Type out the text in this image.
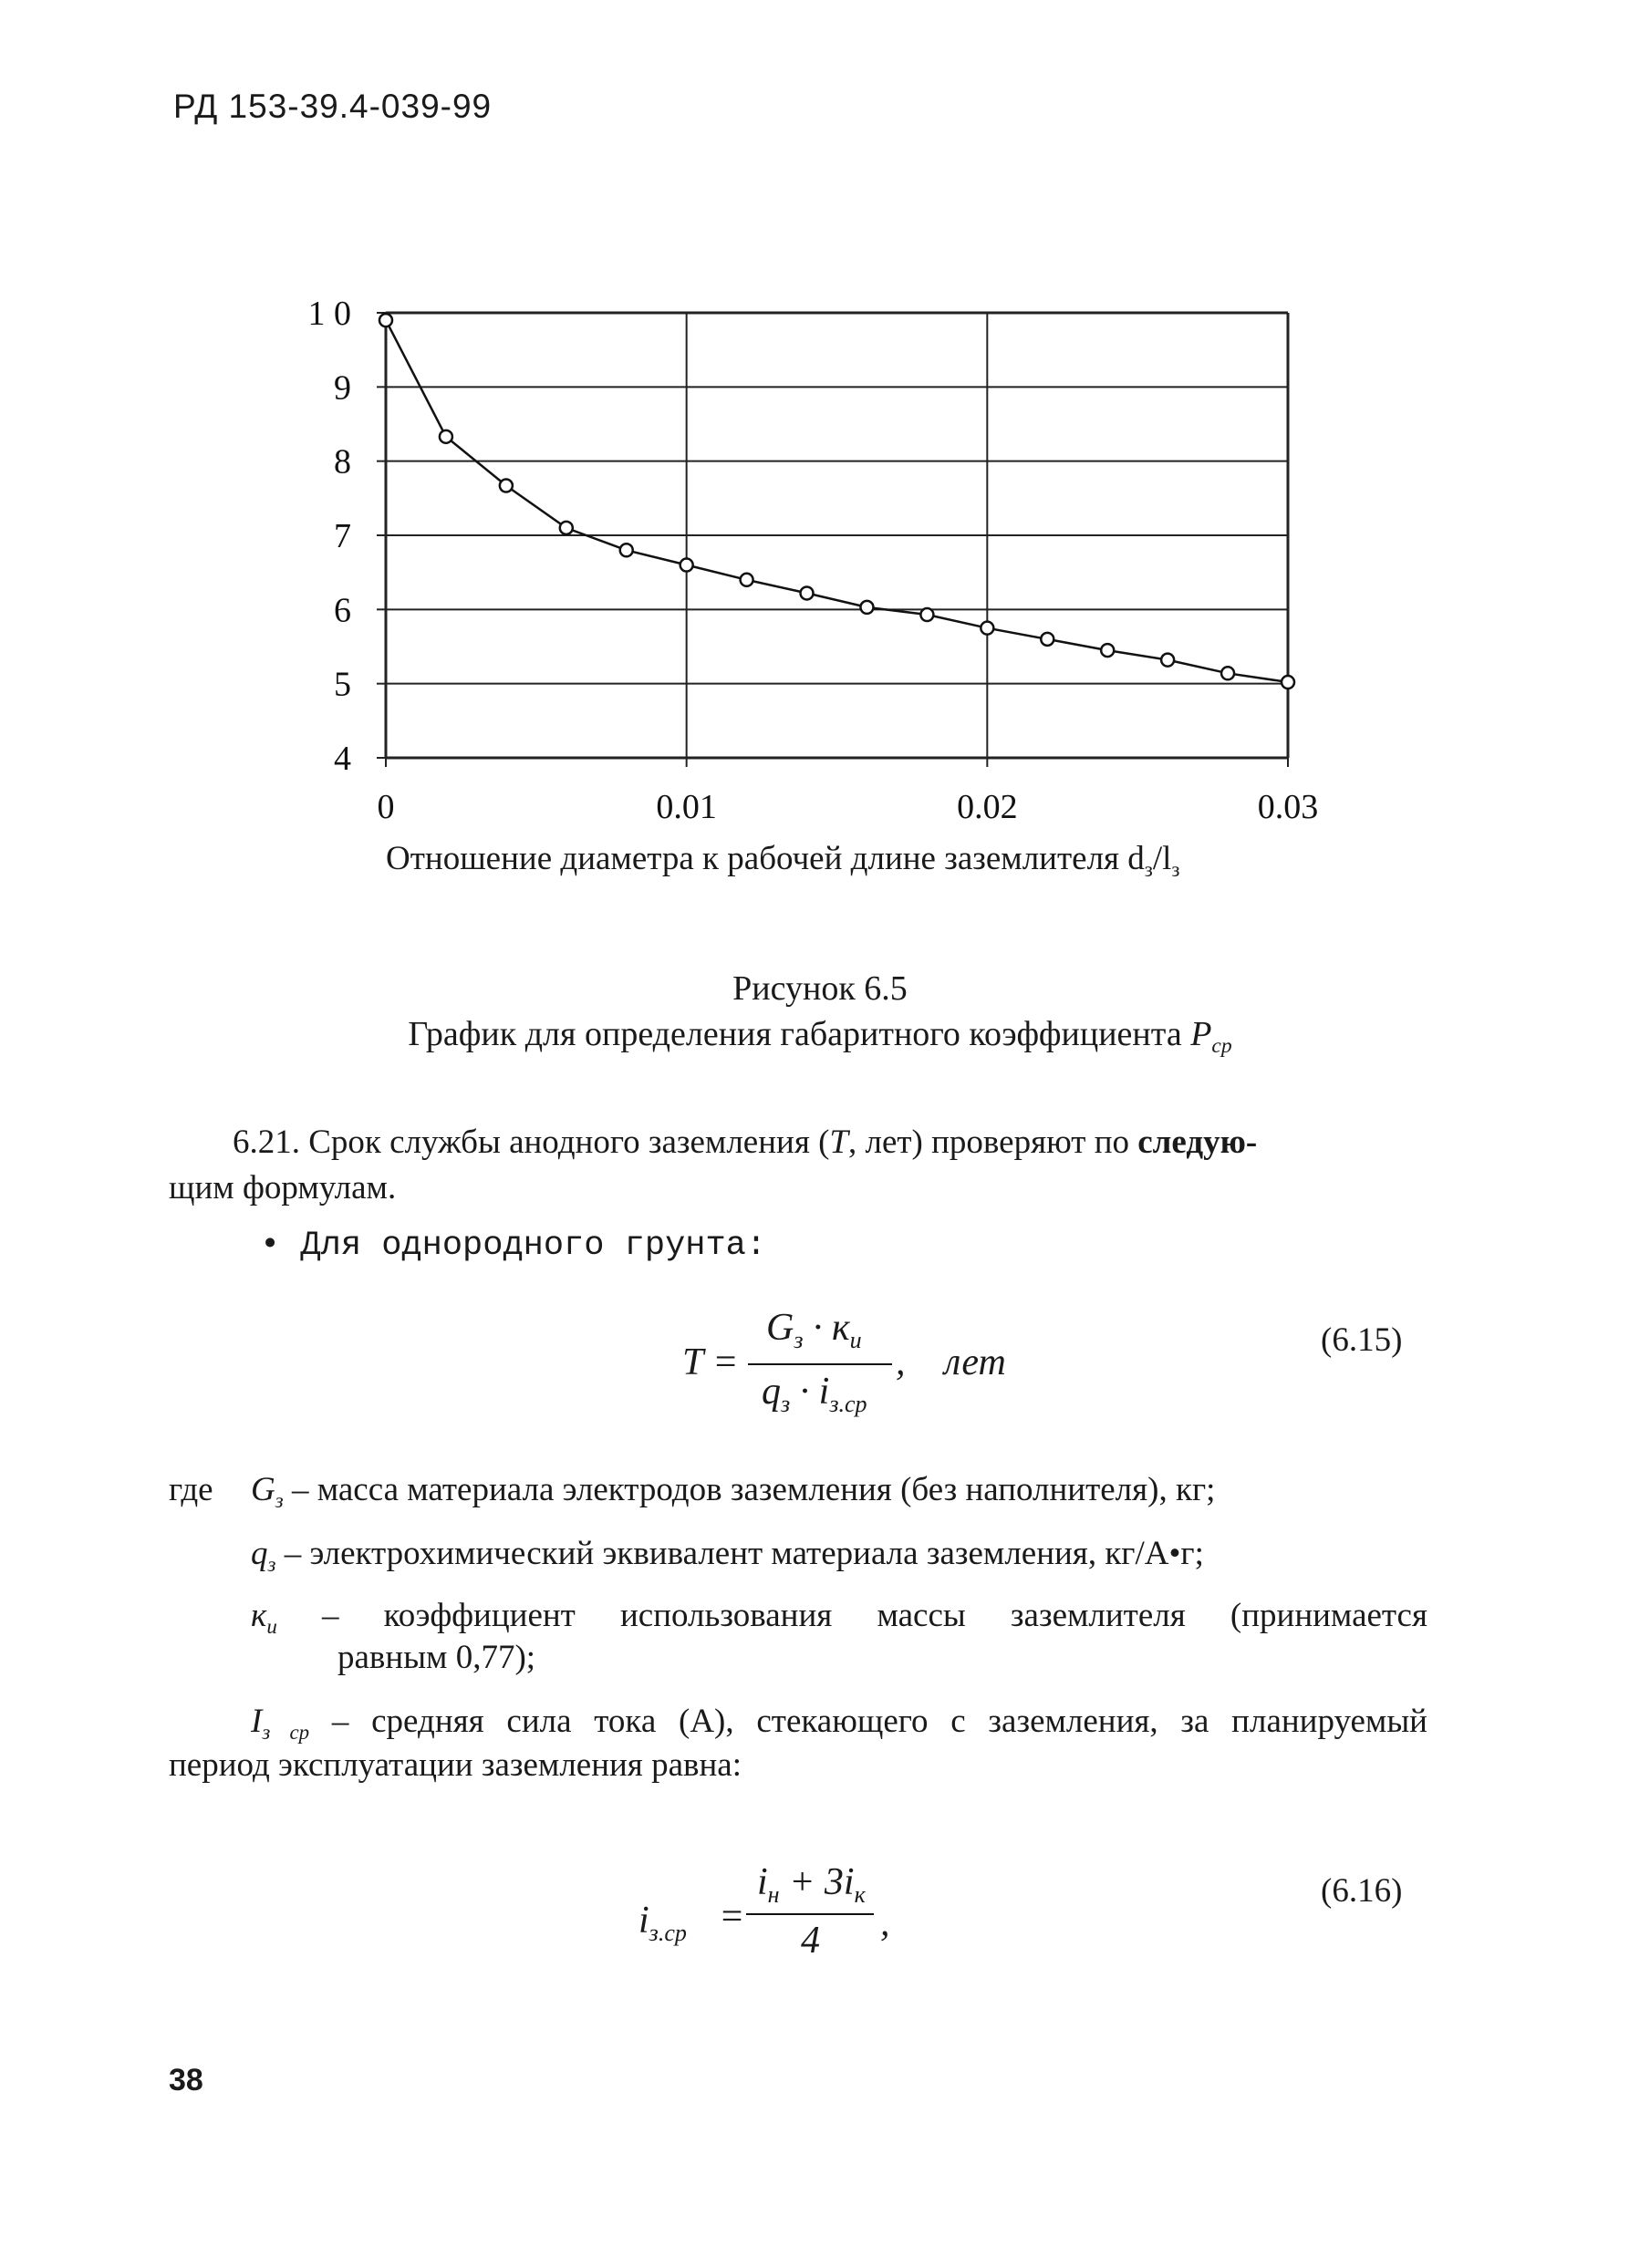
РД 153-39.4-039-99
1 0
9
8
7
6
5
4
0	0.01	0.02	0.03
Отношение диаметра к рабочей длине заземлителя $d_з/l_з$
Рисунок 6.5
График для определения габаритного коэффициента $Р_{ср}$
6.21. Срок службы анодного заземления (T, лет) проверяют по следую-
щим формулам.
• Для однородного грунта:
T =
$G_з \cdot к_и$
$q_з \cdot i_{з.ср}$
, лет
(6.15)
где $G_з$ – масса материала электродов заземления (без наполнителя), кг;
$q_з$ – электрохимический эквивалент материала заземления, кг/А•г;
$к_и$ – коэффициент использования массы заземлителя (принимается
равным 0,77);
$I_{з ср}$ – средняя сила тока (А), стекающего с заземления, за планируемый
период эксплуатации заземления равна:
$i_{з.ср}$ =
$i_н + 3i_к$
4 ,
(6.16)
38
